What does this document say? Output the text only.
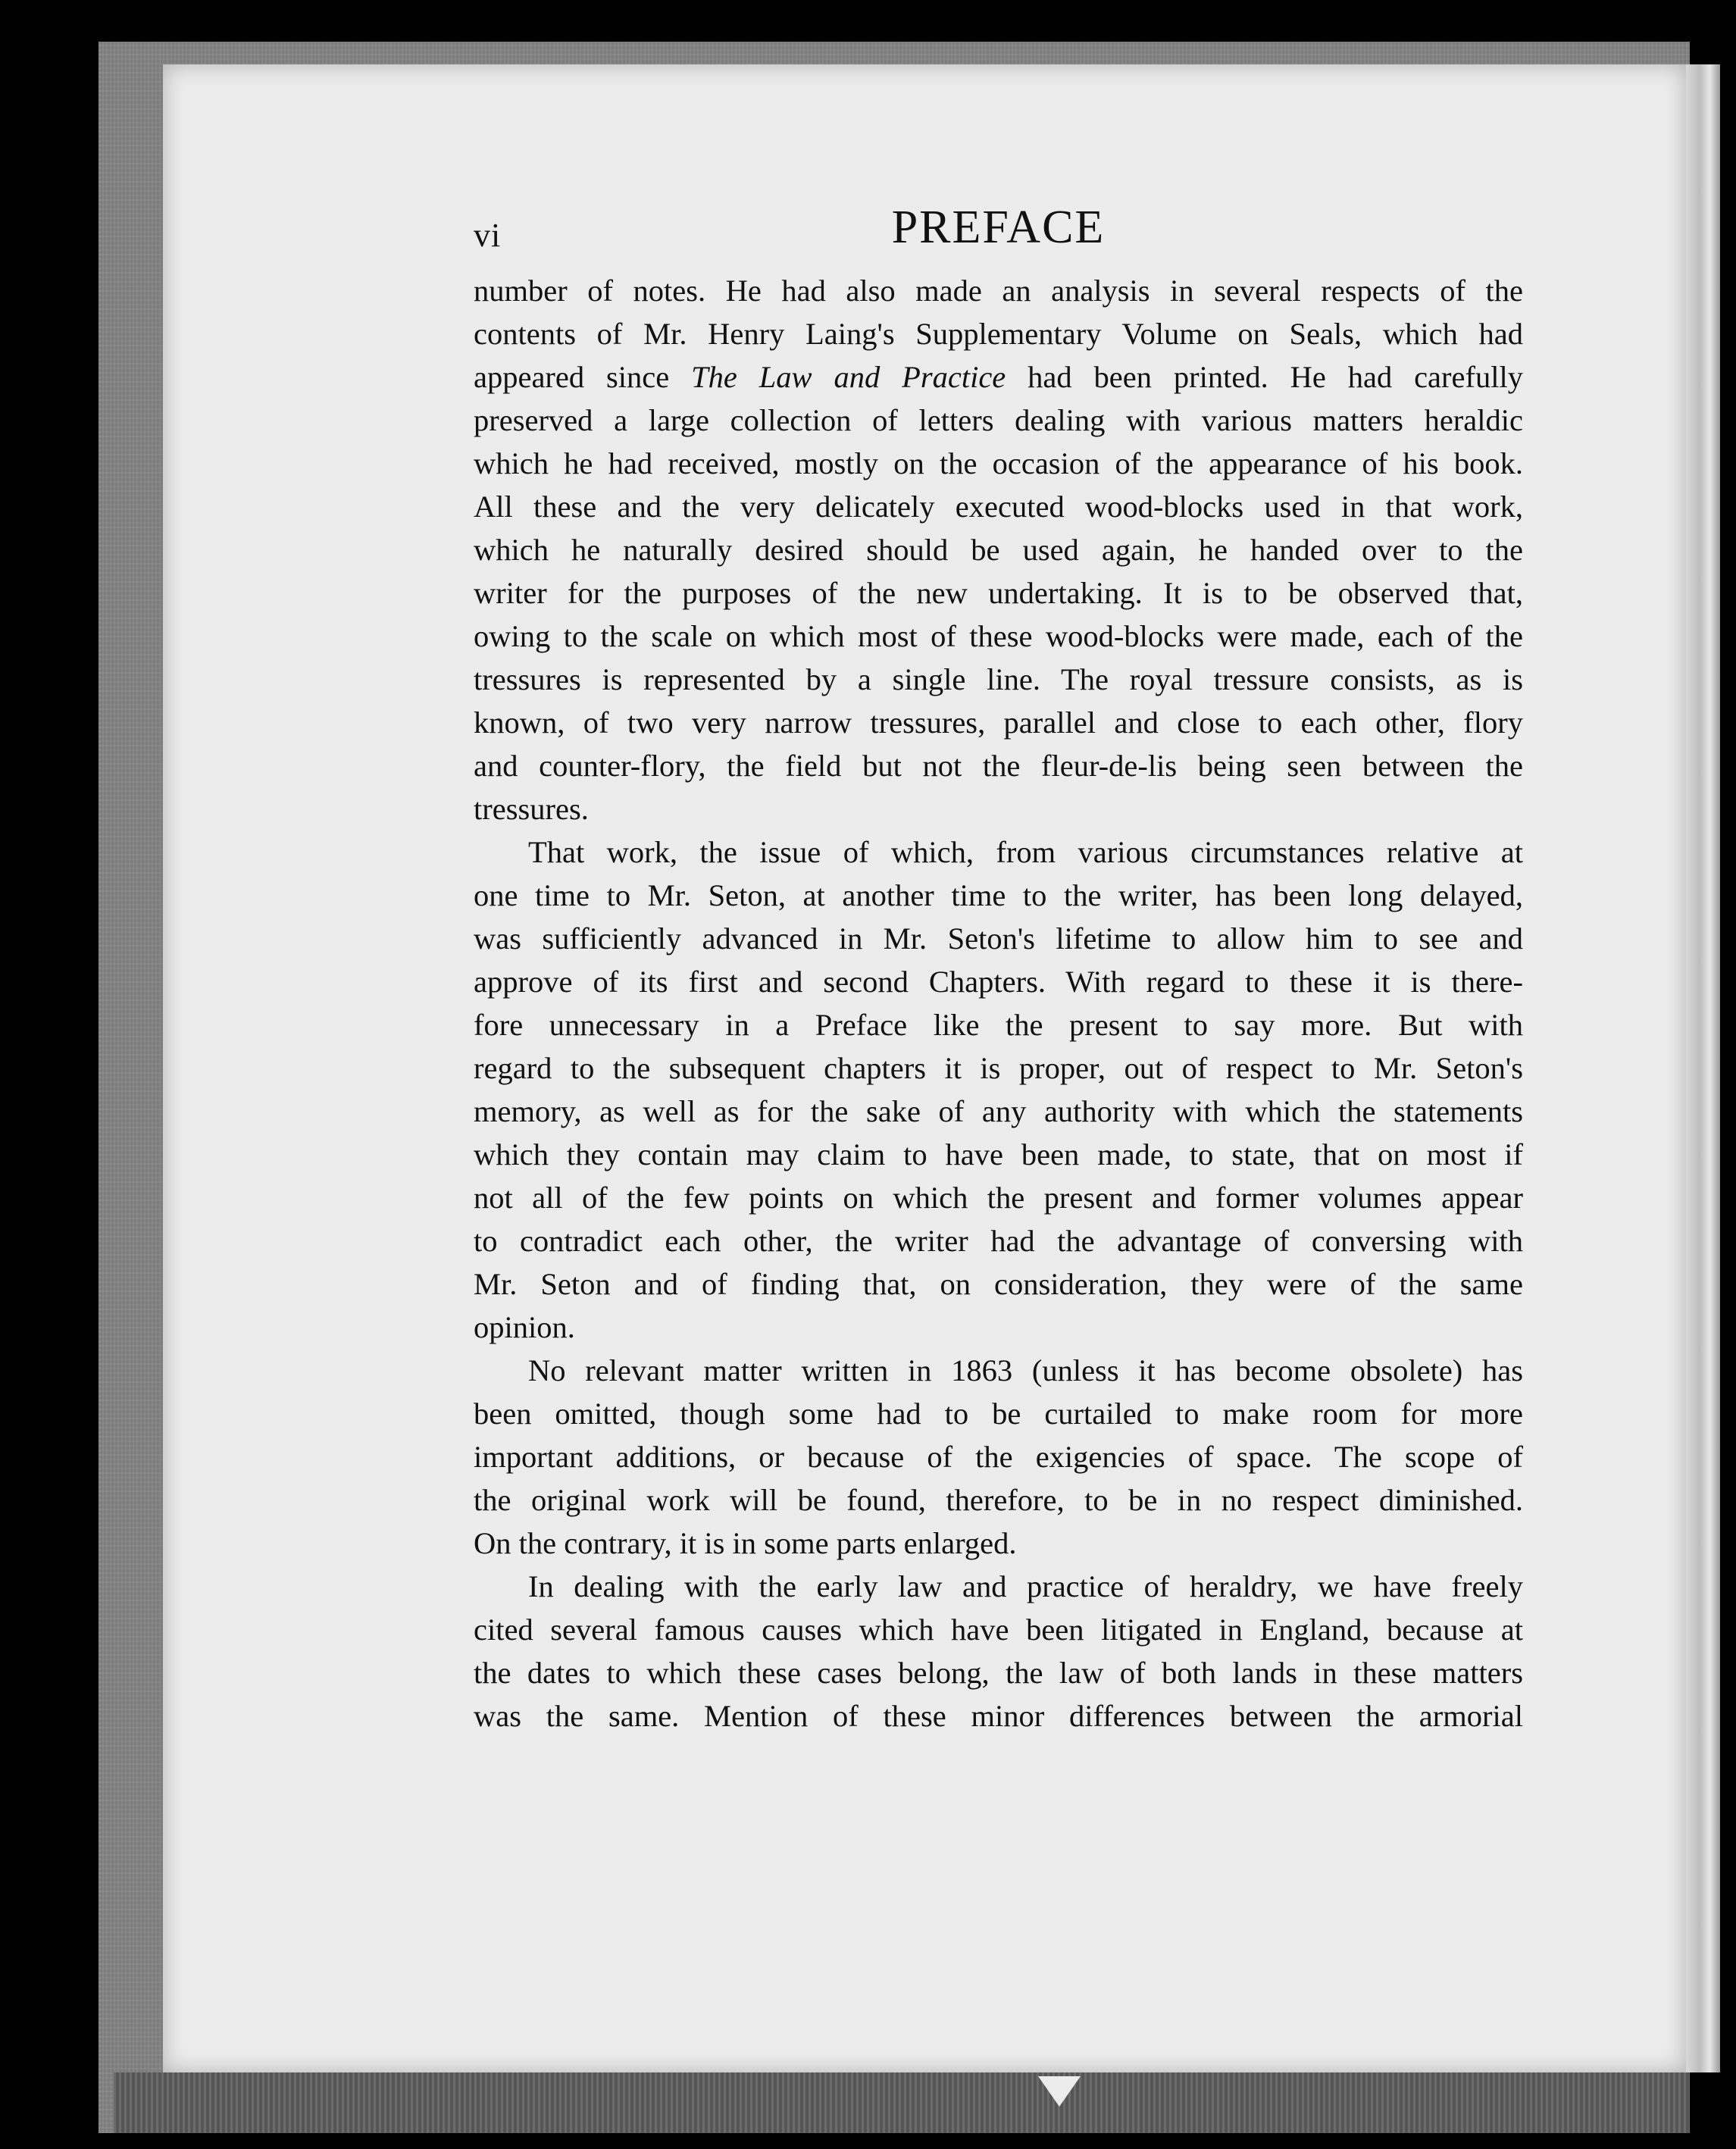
vi	PREFACE
number of notes. He had also made an analysis in several respects of the
contents of Mr. Henry Laing's Supplementary Volume on Seals, which had
appeared since The Law and Practice had been printed. He had carefully
preserved a large collection of letters dealing with various matters heraldic
which he had received, mostly on the occasion of the appearance of his book.
All these and the very delicately executed wood-blocks used in that work,
which he naturally desired should be used again, he handed over to the
writer for the purposes of the new undertaking. It is to be observed that,
owing to the scale on which most of these wood-blocks were made, each of the
tressures is represented by a single line. The royal tressure consists, as is
known, of two very narrow tressures, parallel and close to each other, flory
and counter-flory, the field but not the fleur-de-lis being seen between the
tressures.
That work, the issue of which, from various circumstances relative at
one time to Mr. Seton, at another time to the writer, has been long delayed,
was sufficiently advanced in Mr. Seton's lifetime to allow him to see and
approve of its first and second Chapters. With regard to these it is there-
fore unnecessary in a Preface like the present to say more. But with
regard to the subsequent chapters it is proper, out of respect to Mr. Seton's
memory, as well as for the sake of any authority with which the statements
which they contain may claim to have been made, to state, that on most if
not all of the few points on which the present and former volumes appear
to contradict each other, the writer had the advantage of conversing with
Mr. Seton and of finding that, on consideration, they were of the same
opinion.
No relevant matter written in 1863 (unless it has become obsolete) has
been omitted, though some had to be curtailed to make room for more
important additions, or because of the exigencies of space. The scope of
the original work will be found, therefore, to be in no respect diminished.
On the contrary, it is in some parts enlarged.
In dealing with the early law and practice of heraldry, we have freely
cited several famous causes which have been litigated in England, because at
the dates to which these cases belong, the law of both lands in these matters
was the same. Mention of these minor differences between the armorial
